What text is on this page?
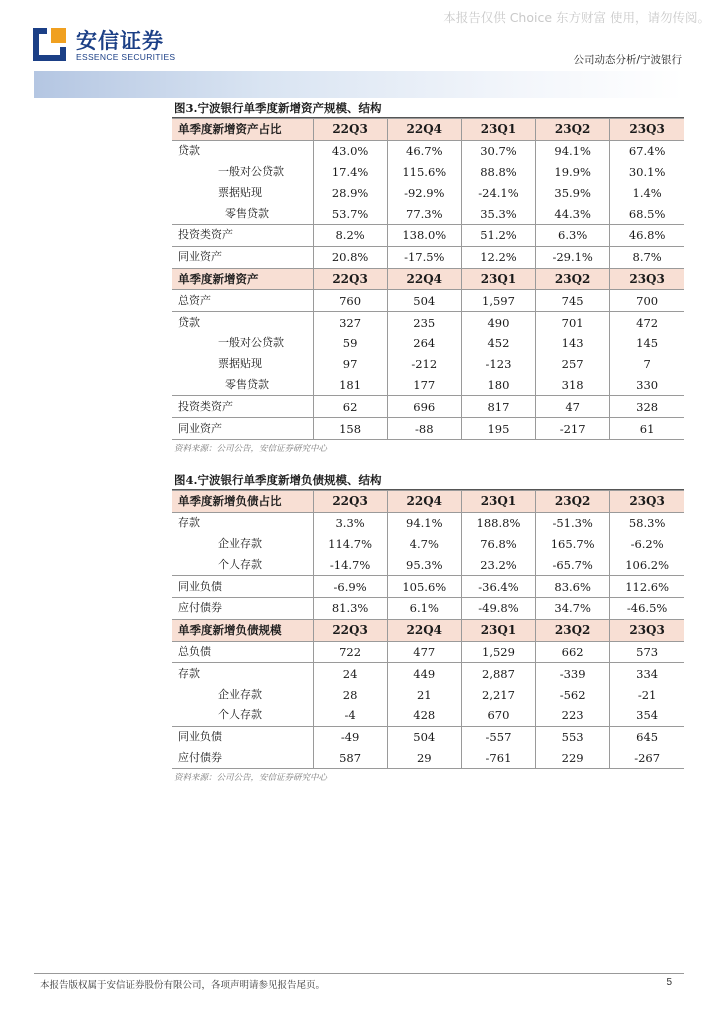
本报告仅供 Choice 东方财富 使用，请勿传阅。
安信证券
ESSENCE SECURITIES	公司动态分析/宁波银行
图3.宁波银行单季度新增资产规模、结构
单季度新增资产占比	22Q3	22Q4	23Q1	23Q2	23Q3
贷款	43.0%	46.7%	30.7%	94.1%	67.4%
一般对公贷款	17.4%	115.6%	88.8%	19.9%	30.1%
票据贴现	28.9%	-92.9%	-24.1%	35.9%	1.4%
零售贷款	53.7%	77.3%	35.3%	44.3%	68.5%
投资类资产	8.2%	138.0%	51.2%	6.3%	46.8%
同业资产	20.8%	-17.5%	12.2%	-29.1%	8.7%
单季度新增资产	22Q3	22Q4	23Q1	23Q2	23Q3
总资产	760	504	1,597	745	700
贷款	327	235	490	701	472
一般对公贷款	59	264	452	143	145
票据贴现	97	-212	-123	257	7
零售贷款	181	177	180	318	330
投资类资产	62	696	817	47	328
同业资产	158	-88	195	-217	61
资料来源：公司公告，安信证券研究中心
图4.宁波银行单季度新增负债规模、结构
单季度新增负债占比	22Q3	22Q4	23Q1	23Q2	23Q3
存款	3.3%	94.1%	188.8%	-51.3%	58.3%
企业存款	114.7%	4.7%	76.8%	165.7%	-6.2%
个人存款	-14.7%	95.3%	23.2%	-65.7%	106.2%
同业负债	-6.9%	105.6%	-36.4%	83.6%	112.6%
应付债券	81.3%	6.1%	-49.8%	34.7%	-46.5%
单季度新增负债规模	22Q3	22Q4	23Q1	23Q2	23Q3
总负债	722	477	1,529	662	573
存款	24	449	2,887	-339	334
企业存款	28	21	2,217	-562	-21
个人存款	-4	428	670	223	354
同业负债	-49	504	-557	553	645
应付债券	587	29	-761	229	-267
资料来源：公司公告，安信证券研究中心
本报告版权属于安信证券股份有限公司，各项声明请参见报告尾页。	5
